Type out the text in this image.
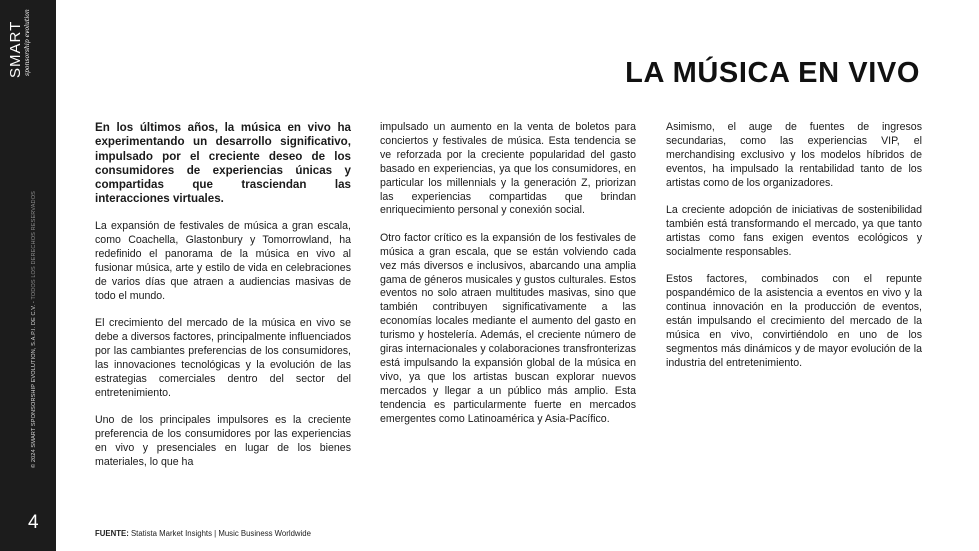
SMART sponsorship evolution
© 2024 SMART SPONSORSHIP EVOLUTION, S.A.P.I. DE C.V. - TODOS LOS DERECHOS RESERVADOS
4
LA MÚSICA EN VIVO

En los últimos años, la música en vivo ha experimentando un desarrollo significativo, impulsado por el creciente deseo de los consumidores de experiencias únicas y compartidas que trasciendan las interacciones virtuales.

La expansión de festivales de música a gran escala, como Coachella, Glastonbury y Tomorrowland, ha redefinido el panorama de la música en vivo al fusionar música, arte y estilo de vida en celebraciones de varios días que atraen a audiencias masivas de todo el mundo.

El crecimiento del mercado de la música en vivo se debe a diversos factores, principalmente influenciados por las cambiantes preferencias de los consumidores, las innovaciones tecnológicas y la evolución de las estrategias comerciales dentro del sector del entretenimiento.

Uno de los principales impulsores es la creciente preferencia de los consumidores por las experiencias en vivo y presenciales en lugar de los bienes materiales, lo que ha

impulsado un aumento en la venta de boletos para conciertos y festivales de música. Esta tendencia se ve reforzada por la creciente popularidad del gasto basado en experiencias, ya que los consumidores, en particular los millennials y la generación Z, priorizan las experiencias compartidas que brindan enriquecimiento personal y conexión social.

Otro factor crítico es la expansión de los festivales de música a gran escala, que se están volviendo cada vez más diversos e inclusivos, abarcando una amplia gama de géneros musicales y gustos culturales. Estos eventos no solo atraen multitudes masivas, sino que también contribuyen significativamente a las economías locales mediante el aumento del gasto en turismo y hostelería. Además, el creciente número de giras internacionales y colaboraciones transfronterizas está impulsando la expansión global de la música en vivo, ya que los artistas buscan explorar nuevos mercados y llegar a un público más amplio. Esta tendencia es particularmente fuerte en mercados emergentes como Latinoamérica y Asia-Pacífico.

Asimismo, el auge de fuentes de ingresos secundarias, como las experiencias VIP, el merchandising exclusivo y los modelos híbridos de eventos, ha impulsado la rentabilidad tanto de los artistas como de los organizadores.

La creciente adopción de iniciativas de sostenibilidad también está transformando el mercado, ya que tanto artistas como fans exigen eventos ecológicos y socialmente responsables.

Estos factores, combinados con el repunte pospandémico de la asistencia a eventos en vivo y la continua innovación en la producción de eventos, están impulsando el crecimiento del mercado de la música en vivo, convirtiéndolo en uno de los segmentos más dinámicos y de mayor evolución de la industria del entretenimiento.

FUENTE: Statista Market Insights | Music Business Worldwide
